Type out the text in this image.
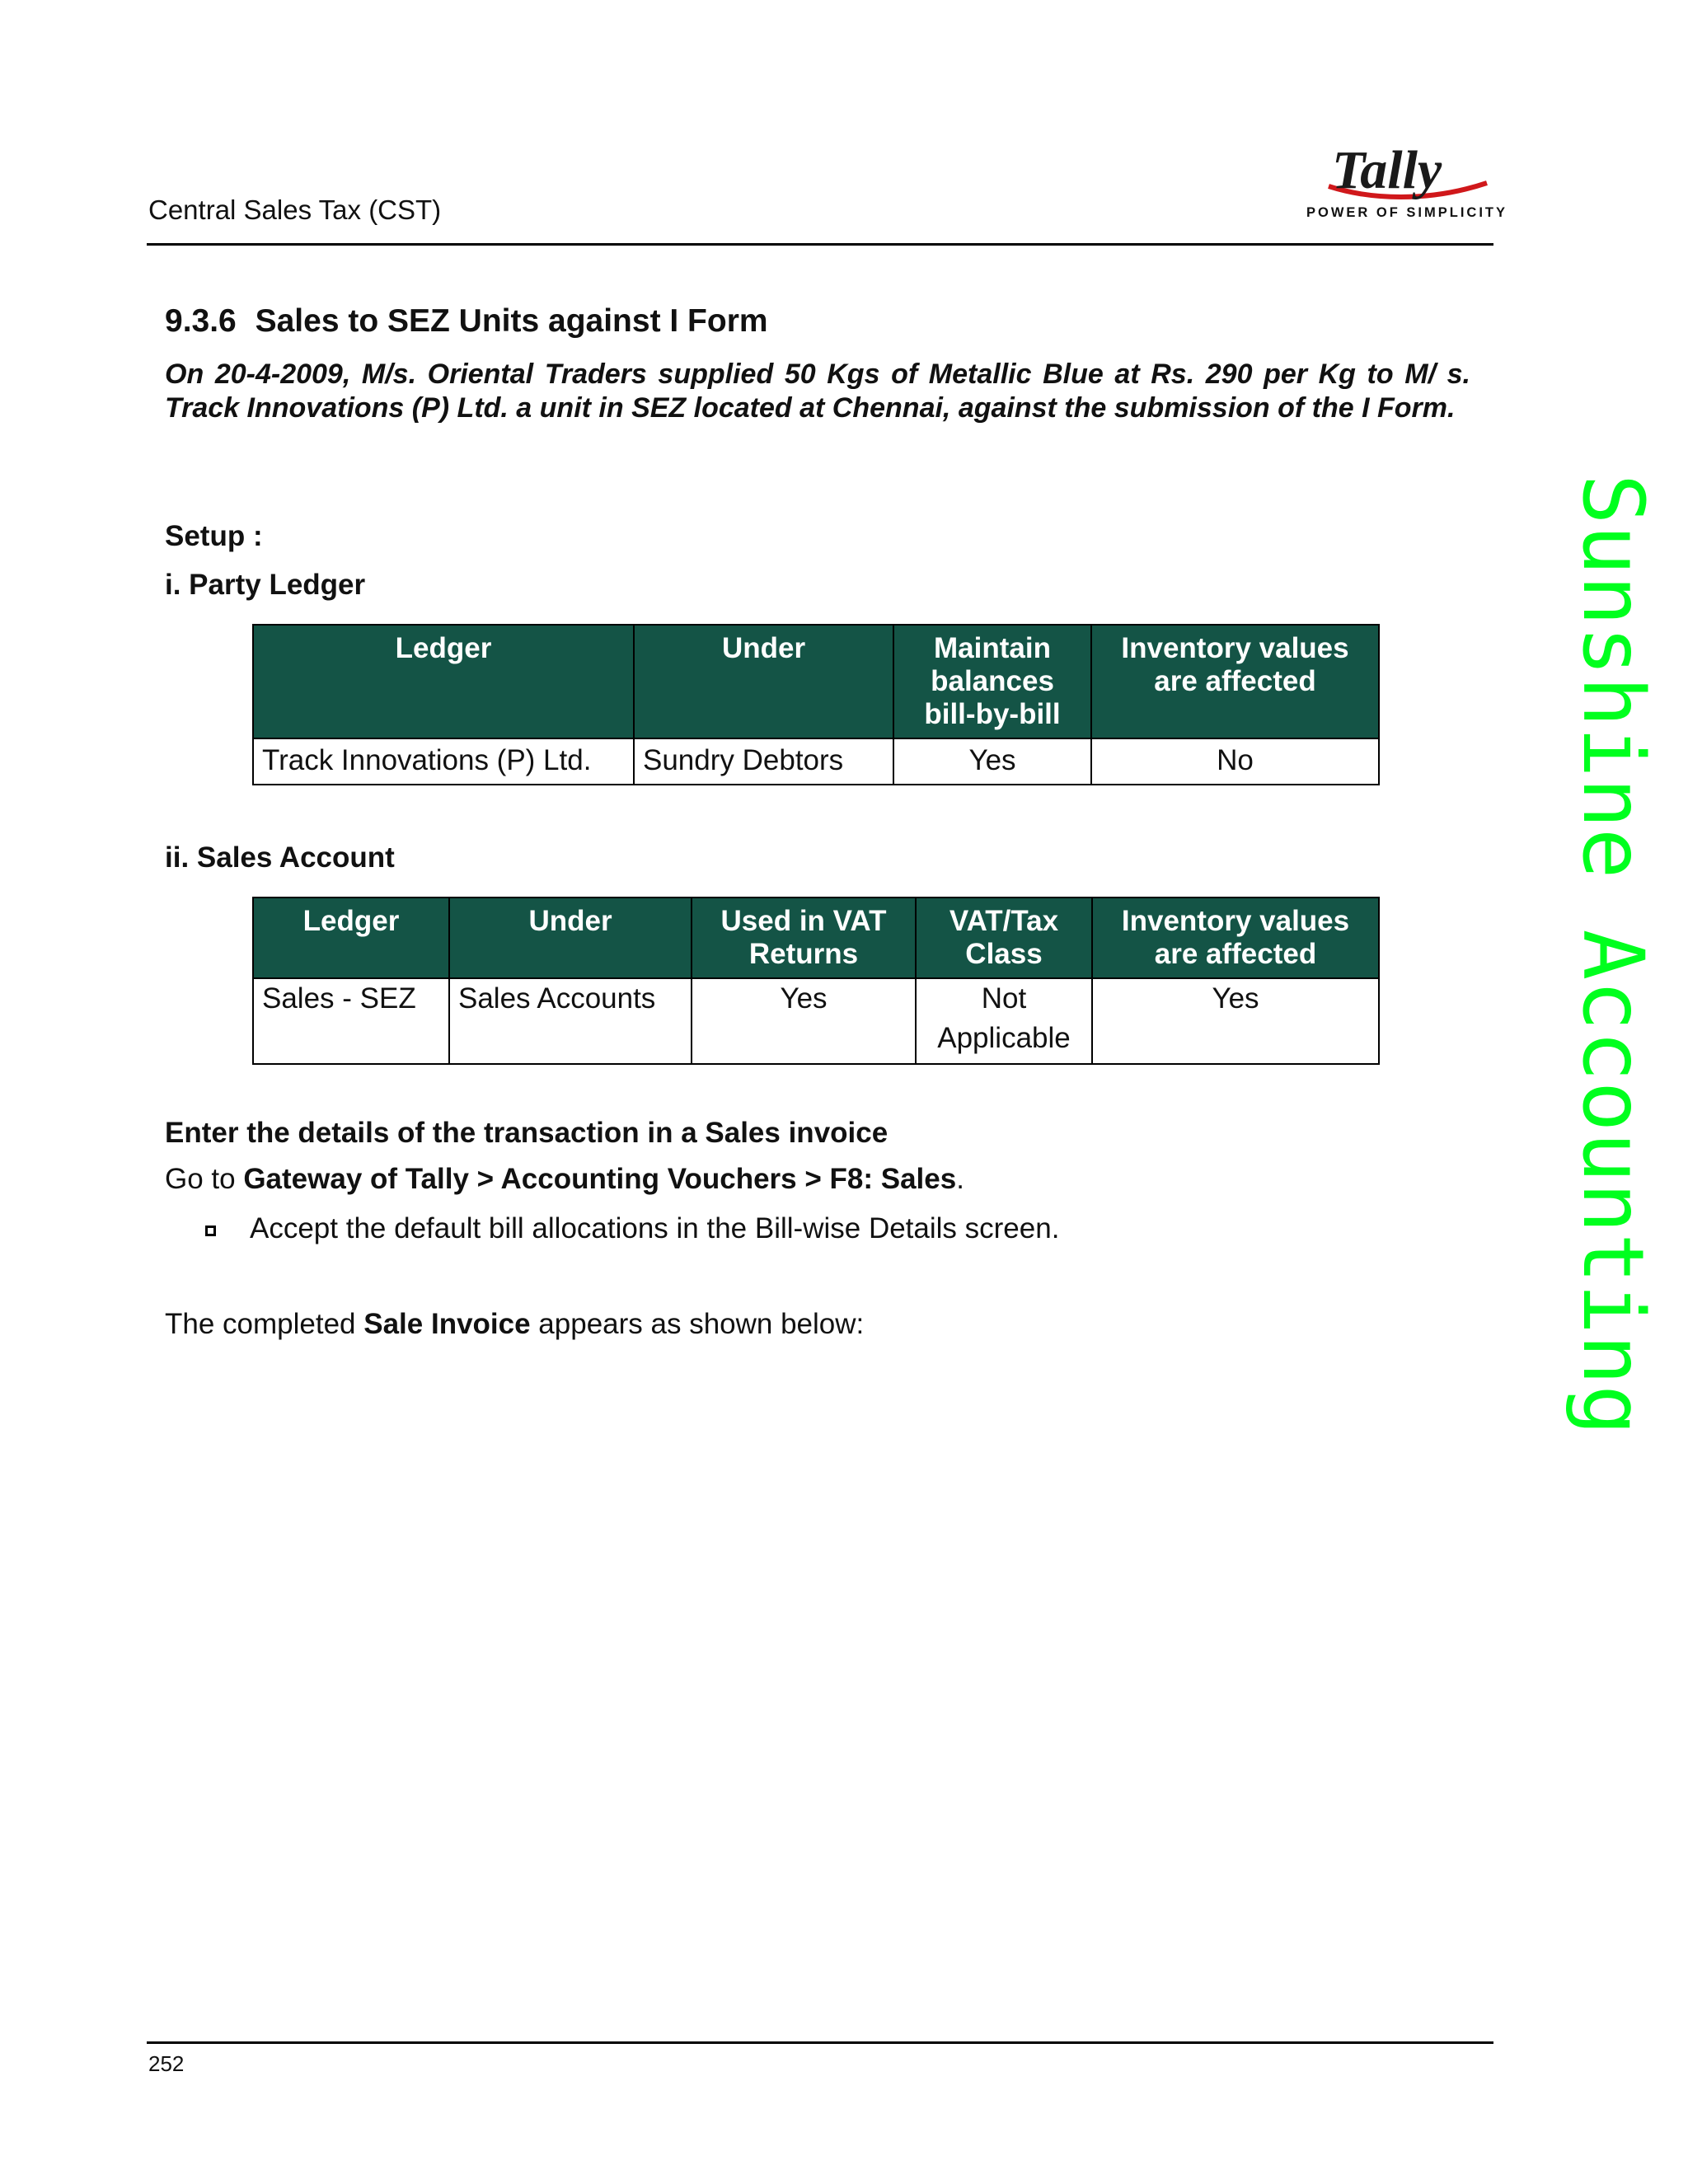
Central Sales Tax (CST)
Tally
POWER OF SIMPLICITY
9.3.6 Sales to SEZ Units against I Form
On 20-4-2009, M/s. Oriental Traders supplied 50 Kgs of Metallic Blue at Rs. 290 per Kg to M/ s. Track Innovations (P) Ltd. a unit in SEZ located at Chennai, against the submission of the I Form.
Setup :
i. Party Ledger
Ledger	Under	Maintain balances bill-by-bill	Inventory values are affected
Track Innovations (P) Ltd.	Sundry Debtors	Yes	No
ii. Sales Account
Ledger	Under	Used in VAT Returns	VAT/Tax Class	Inventory values are affected
Sales - SEZ	Sales Accounts	Yes	Not Applicable	Yes
Enter the details of the transaction in a Sales invoice
Go to Gateway of Tally > Accounting Vouchers > F8: Sales.
Accept the default bill allocations in the Bill-wise Details screen.
The completed Sale Invoice appears as shown below:	Sunshine Accounting
252
